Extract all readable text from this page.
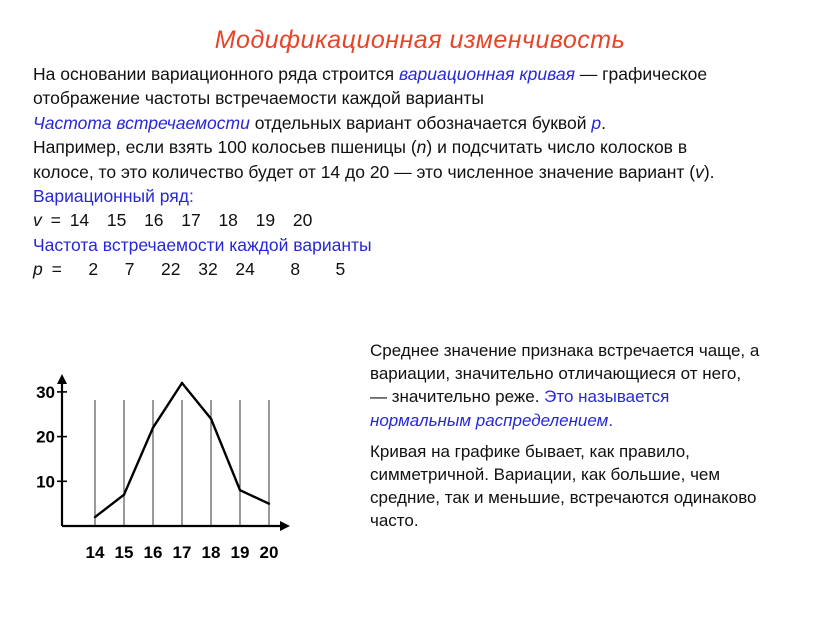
Модификационная изменчивость

На основании вариационного ряда строится вариационная кривая — графическое

отображение частоты встречаемости каждой варианты

Частота встречаемости отдельных вариант обозначается буквой р.

Например, если взять 100 колосьев пшеницы (n) и подсчитать число колосков в

колосе, то это количество будет от 14 до 20 — это численное значение вариант (v).

Вариационный ряд:

v = 14  15  16  17  18  19  20

Частота встречаемости каждой варианты

р =   2   7   22  32  24    8    5

Среднее значение признака встречается чаще, а

вариации, значительно отличающиеся от него,

— значительно реже. Это называется

нормальным распределением.

Кривая на графике бывает, как правило,

симметричной. Вариации, как большие, чем

средние, так и меньшие, встречаются одинаково

часто.

10
20
30
14 15 16 17 18 19 20
